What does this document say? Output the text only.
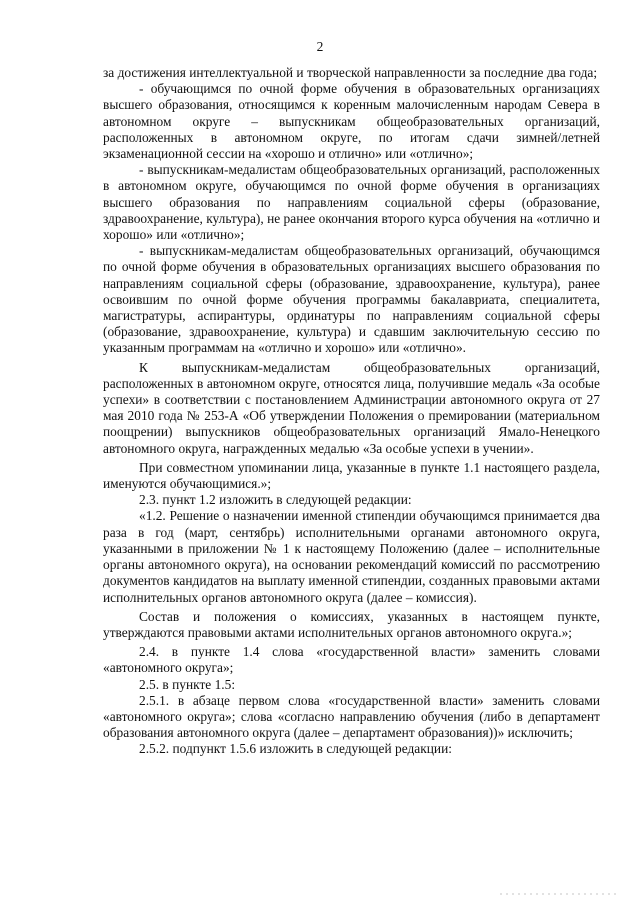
2

за достижения интеллектуальной и творческой направленности за последние два года;

- обучающимся по очной форме обучения в образовательных организациях высшего образования, относящимся к коренным малочисленным народам Севера в автономном округе – выпускникам общеобразовательных организаций, расположенных в автономном округе, по итогам сдачи зимней/летней экзаменационной сессии на «хорошо и отлично» или «отлично»;

- выпускникам-медалистам общеобразовательных организаций, расположенных в автономном округе, обучающимся по очной форме обучения в организациях высшего образования по направлениям социальной сферы (образование, здравоохранение, культура), не ранее окончания второго курса обучения на «отлично и хорошо» или «отлично»;

- выпускникам-медалистам общеобразовательных организаций, обучающимся по очной форме обучения в образовательных организациях высшего образования по направлениям социальной сферы (образование, здравоохранение, культура), ранее освоившим по очной форме обучения программы бакалавриата, специалитета, магистратуры, аспирантуры, ординатуры по направлениям социальной сферы (образование, здравоохранение, культура) и сдавшим заключительную сессию по указанным программам на «отлично и хорошо» или «отлично».

К выпускникам-медалистам общеобразовательных организаций, расположенных в автономном округе, относятся лица, получившие медаль «За особые успехи» в соответствии с постановлением Администрации автономного округа от 27 мая 2010 года № 253-А «Об утверждении Положения о премировании (материальном поощрении) выпускников общеобразовательных организаций Ямало-Ненецкого автономного округа, награжденных медалью «За особые успехи в учении».

При совместном упоминании лица, указанные в пункте 1.1 настоящего раздела, именуются обучающимися.»;

2.3. пункт 1.2 изложить в следующей редакции:

«1.2. Решение о назначении именной стипендии обучающимся принимается два раза в год (март, сентябрь) исполнительными органами автономного округа, указанными в приложении № 1 к настоящему Положению (далее – исполнительные органы автономного округа), на основании рекомендаций комиссий по рассмотрению документов кандидатов на выплату именной стипендии, созданных правовыми актами исполнительных органов автономного округа (далее – комиссия).

Состав и положения о комиссиях, указанных в настоящем пункте, утверждаются правовыми актами исполнительных органов автономного округа.»;

2.4. в пункте 1.4 слова «государственной власти» заменить словами «автономного округа»;

2.5. в пункте 1.5:

2.5.1. в абзаце первом слова «государственной власти» заменить словами «автономного округа»; слова «согласно направлению обучения (либо в департамент образования автономного округа (далее – департамент образования))» исключить;

2.5.2. подпункт 1.5.6 изложить в следующей редакции:
